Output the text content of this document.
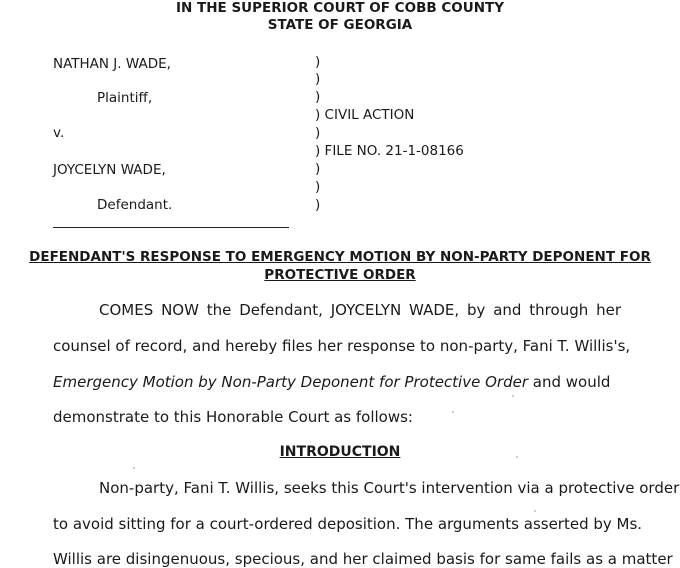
IN THE SUPERIOR COURT OF COBB COUNTY
STATE OF GEORGIA
NATHAN J. WADE,
Plaintiff,
v.
JOYCELYN WADE,
Defendant.
)
)
)
) CIVIL ACTION
)
) FILE NO. 21-1-08166
)
)
)
DEFENDANT'S RESPONSE TO EMERGENCY MOTION BY NON-PARTY DEPONENT FOR
PROTECTIVE ORDER
COMES NOW the Defendant, JOYCELYN WADE, by and through her
counsel of record, and hereby files her response to non-party, Fani T. Willis's,
Emergency Motion by Non-Party Deponent for Protective Order and would
demonstrate to this Honorable Court as follows:
INTRODUCTION
Non-party, Fani T. Willis, seeks this Court's intervention via a protective order
to avoid sitting for a court-ordered deposition. The arguments asserted by Ms.
Willis are disingenuous, specious, and her claimed basis for same fails as a matter
